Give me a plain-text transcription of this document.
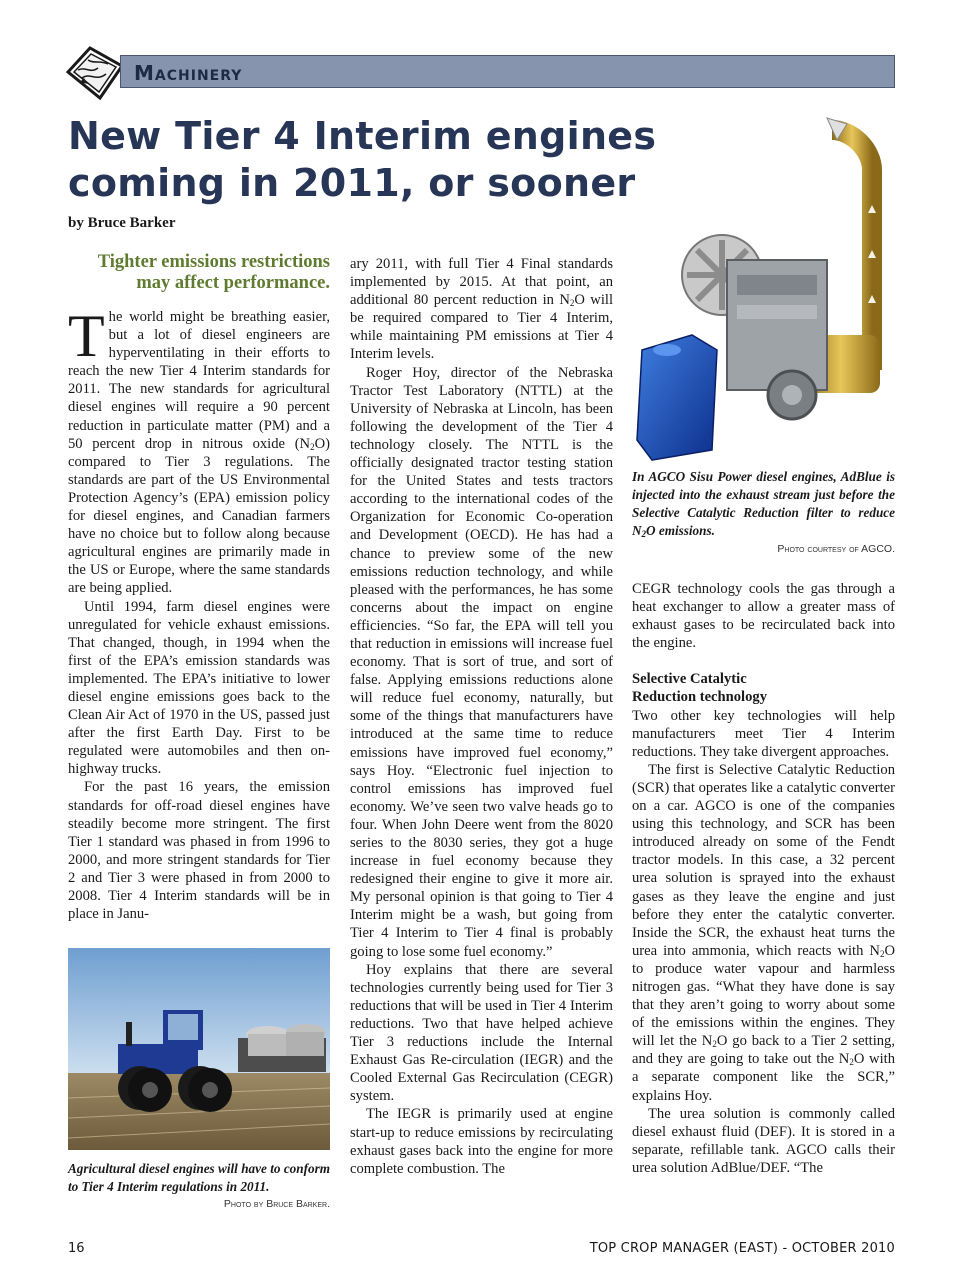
Machinery
New Tier 4 Interim engines coming in 2011, or sooner
by Bruce Barker
Tighter emissions restrictions may affect performance.

The world might be breathing easier, but a lot of diesel engineers are hyperventilating in their efforts to reach the new Tier 4 Interim standards for 2011. The new standards for agricultural diesel engines will require a 90 percent reduction in particulate matter (PM) and a 50 percent drop in nitrous oxide $(N_2O)$ compared to Tier 3 regulations. The standards are part of the US Environmental Protection Agency’s (EPA) emission policy for diesel engines, and Canadian farmers have no choice but to follow along because agricultural engines are primarily made in the US or Europe, where the same standards are being applied.

Until 1994, farm diesel engines were unregulated for vehicle exhaust emissions. That changed, though, in 1994 when the first of the EPA’s emission standards was implemented. The EPA’s initiative to lower diesel engine emissions goes back to the Clean Air Act of 1970 in the US, passed just after the first Earth Day. First to be regulated were automobiles and then on-highway trucks.

For the past 16 years, the emission standards for off-road diesel engines have steadily become more stringent. The first Tier 1 standard was phased in from 1996 to 2000, and more stringent standards for Tier 2 and Tier 3 were phased in from 2000 to 2008. Tier 4 Interim standards will be in place in Janu-

Agricultural diesel engines will have to conform to Tier 4 Interim regulations in 2011.
Photo by Bruce Barker.

ary 2011, with full Tier 4 Final standards implemented by 2015. At that point, an additional 80 percent reduction in $N_2O$ will be required compared to Tier 4 Interim, while maintaining PM emissions at Tier 4 Interim levels.

Roger Hoy, director of the Nebraska Tractor Test Laboratory (NTTL) at the University of Nebraska at Lincoln, has been following the development of the Tier 4 technology closely. The NTTL is the officially designated tractor testing station for the United States and tests tractors according to the international codes of the Organization for Economic Co-operation and Development (OECD). He has had a chance to preview some of the new emissions reduction technology, and while pleased with the performances, he has some concerns about the impact on engine efficiencies. “So far, the EPA will tell you that reduction in emissions will increase fuel economy. That is sort of true, and sort of false. Applying emissions reductions alone will reduce fuel economy, naturally, but some of the things that manufacturers have introduced at the same time to reduce emissions have improved fuel economy,” says Hoy. “Electronic fuel injection to control emissions has improved fuel economy. We’ve seen two valve heads go to four. When John Deere went from the 8020 series to the 8030 series, they got a huge increase in fuel economy because they redesigned their engine to give it more air. My personal opinion is that going to Tier 4 Interim might be a wash, but going from Tier 4 Interim to Tier 4 final is probably going to lose some fuel economy.”

Hoy explains that there are several technologies currently being used for Tier 3 reductions that will be used in Tier 4 Interim reductions. Two that have helped achieve Tier 3 reductions include the Internal Exhaust Gas Re-circulation (IEGR) and the Cooled External Gas Recirculation (CEGR) system.

The IEGR is primarily used at engine start-up to reduce emissions by recirculating exhaust gases back into the engine for more complete combustion. The

In AGCO Sisu Power diesel engines, AdBlue is injected into the exhaust stream just before the Selective Catalytic Reduction filter to reduce $N_2O$ emissions.
Photo courtesy of AGCO.

CEGR technology cools the gas through a heat exchanger to allow a greater mass of exhaust gases to be recirculated back into the engine.

Selective Catalytic
Reduction technology

Two other key technologies will help manufacturers meet Tier 4 Interim reductions. They take divergent approaches.

The first is Selective Catalytic Reduction (SCR) that operates like a catalytic converter on a car. AGCO is one of the companies using this technology, and SCR has been introduced already on some of the Fendt tractor models. In this case, a 32 percent urea solution is sprayed into the exhaust gases as they leave the engine and just before they enter the catalytic converter. Inside the SCR, the exhaust heat turns the urea into ammonia, which reacts with $N_2O$ to produce water vapour and harmless nitrogen gas. “What they have done is say that they aren’t going to worry about some of the emissions within the engines. They will let the $N_2O$ go back to a Tier 2 setting, and they are going to take out the $N_2O$ with a separate component like the SCR,” explains Hoy.

The urea solution is commonly called diesel exhaust fluid (DEF). It is stored in a separate, refillable tank. AGCO calls their urea solution AdBlue/DEF. “The

16	TOP CROP MANAGER (EAST) - OCTOBER 2010
